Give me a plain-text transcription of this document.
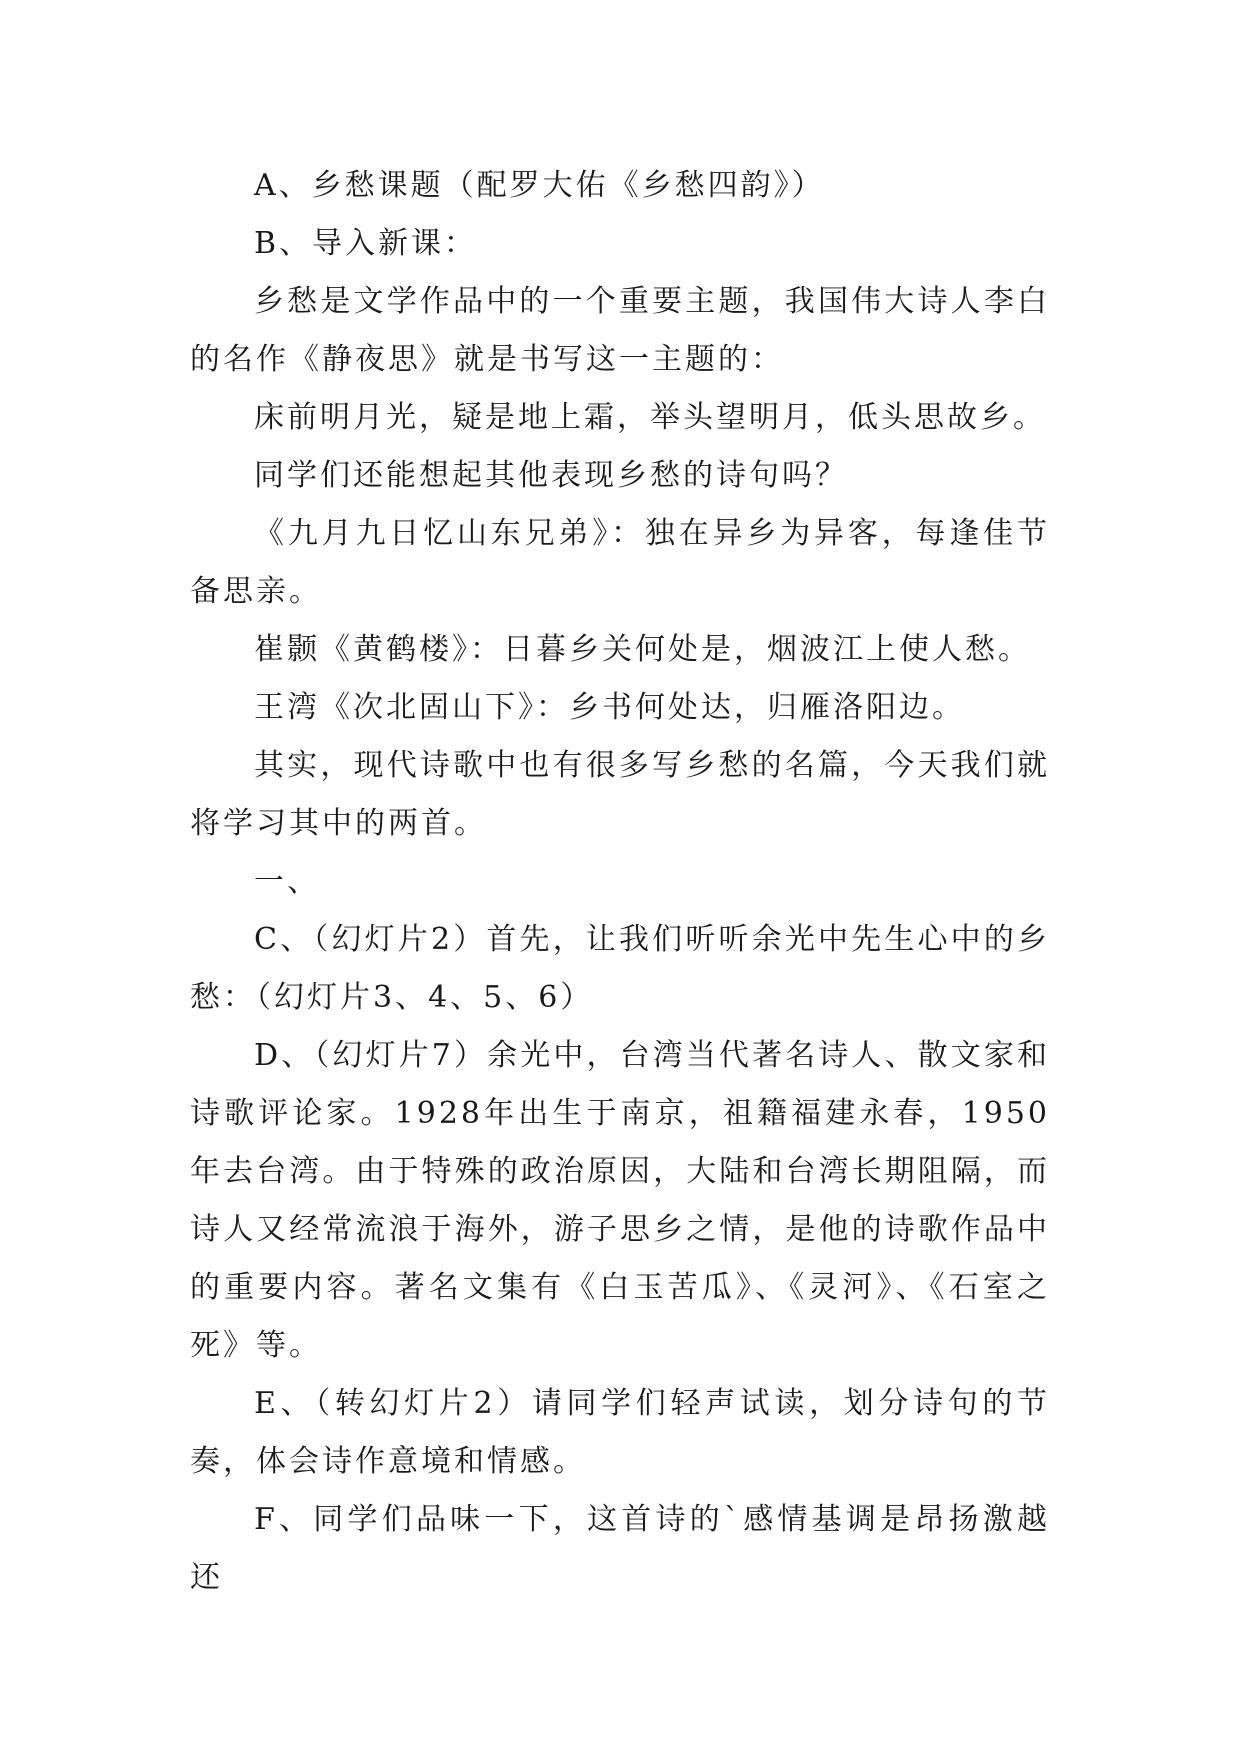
A、乡愁课题（配罗大佑《乡愁四韵》）

B、导入新课：

乡愁是文学作品中的一个重要主题，我国伟大诗人李白的名作《静夜思》就是书写这一主题的：

床前明月光，疑是地上霜，举头望明月，低头思故乡。

同学们还能想起其他表现乡愁的诗句吗？

《九月九日忆山东兄弟》：独在异乡为异客，每逢佳节备思亲。

崔颢《黄鹤楼》：日暮乡关何处是，烟波江上使人愁。

王湾《次北固山下》：乡书何处达，归雁洛阳边。

其实，现代诗歌中也有很多写乡愁的名篇，今天我们就将学习其中的两首。

一、

C、（幻灯片2）首先，让我们听听余光中先生心中的乡愁：（幻灯片3、4、5、6）

D、（幻灯片7）余光中，台湾当代著名诗人、散文家和诗歌评论家。1928年出生于南京，祖籍福建永春，1950年去台湾。由于特殊的政治原因，大陆和台湾长期阻隔，而诗人又经常流浪于海外，游子思乡之情，是他的诗歌作品中的重要内容。著名文集有《白玉苦瓜》、《灵河》、《石室之死》等。

E、（转幻灯片2）请同学们轻声试读，划分诗句的节奏，体会诗作意境和情感。

F、同学们品味一下，这首诗的`感情基调是昂扬激越还
